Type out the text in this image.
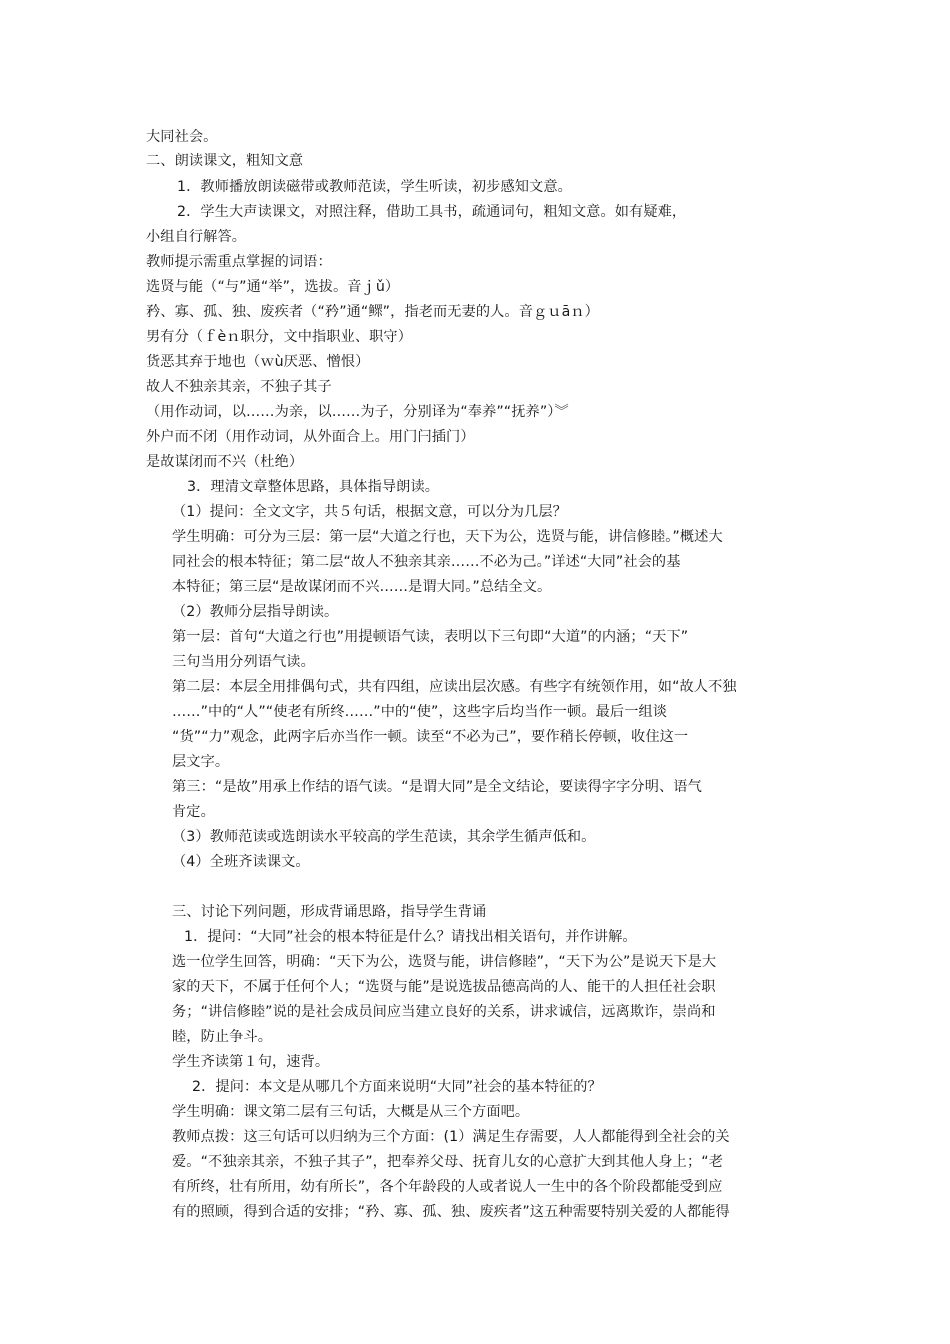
大同社会。
二、朗读课文，粗知文意
1．教师播放朗读磁带或教师范读，学生听读，初步感知文意。
2．学生大声读课文，对照注释，借助工具书，疏通词句，粗知文意。如有疑难，
小组自行解答。
教师提示需重点掌握的词语：
选贤与能（“与”通“举”，选拔。音ｊǔ）
矜、寡、孤、独、废疾者（“矜”通“鳏”，指老而无妻的人。音ｇｕāｎ）
男有分（ｆèｎ职分，文中指职业、职守）
货恶其弃于地也（ｗù厌恶、憎恨）
故人不独亲其亲，不独子其子
（用作动词，以……为亲，以……为子，分别译为“奉养”“抚养”）︾
外户而不闭（用作动词，从外面合上。用门闩插门）
是故谋闭而不兴（杜绝）
3．理清文章整体思路，具体指导朗读。
（1）提问：全文文字，共５句话，根据文意，可以分为几层？
学生明确：可分为三层：第一层“大道之行也，天下为公，选贤与能，讲信修睦。”概述大
同社会的根本特征；第二层“故人不独亲其亲……不必为己。”详述“大同”社会的基
本特征；第三层“是故谋闭而不兴……是谓大同。”总结全文。
（2）教师分层指导朗读。
第一层：首句“大道之行也”用提顿语气读，表明以下三句即“大道”的内涵；“天下”
三句当用分列语气读。
第二层：本层全用排偶句式，共有四组，应读出层次感。有些字有统领作用，如“故人不独
……”中的“人”“使老有所终……”中的“使”，这些字后均当作一顿。最后一组谈
“货”“力”观念，此两字后亦当作一顿。读至“不必为己”，要作稍长停顿，收住这一
层文字。
第三：“是故”用承上作结的语气读。“是谓大同”是全文结论，要读得字字分明、语气
肯定。
（3）教师范读或选朗读水平较高的学生范读，其余学生循声低和。
（4）全班齐读课文。
三、讨论下列问题，形成背诵思路，指导学生背诵
1．提问：“大同”社会的根本特征是什么？请找出相关语句，并作讲解。
选一位学生回答，明确：“天下为公，选贤与能，讲信修睦”，“天下为公”是说天下是大
家的天下，不属于任何个人；“选贤与能”是说选拔品德高尚的人、能干的人担任社会职
务；“讲信修睦”说的是社会成员间应当建立良好的关系，讲求诚信，远离欺诈，崇尚和
睦，防止争斗。
学生齐读第１句，速背。
2．提问：本文是从哪几个方面来说明“大同”社会的基本特征的？
学生明确：课文第二层有三句话，大概是从三个方面吧。
教师点拨：这三句话可以归纳为三个方面：(1）满足生存需要，人人都能得到全社会的关
爱。“不独亲其亲，不独子其子”，把奉养父母、抚育儿女的心意扩大到其他人身上；“老
有所终，壮有所用，幼有所长”，各个年龄段的人或者说人一生中的各个阶段都能受到应
有的照顾，得到合适的安排；“矜、寡、孤、独、废疾者”这五种需要特别关爱的人都能得
